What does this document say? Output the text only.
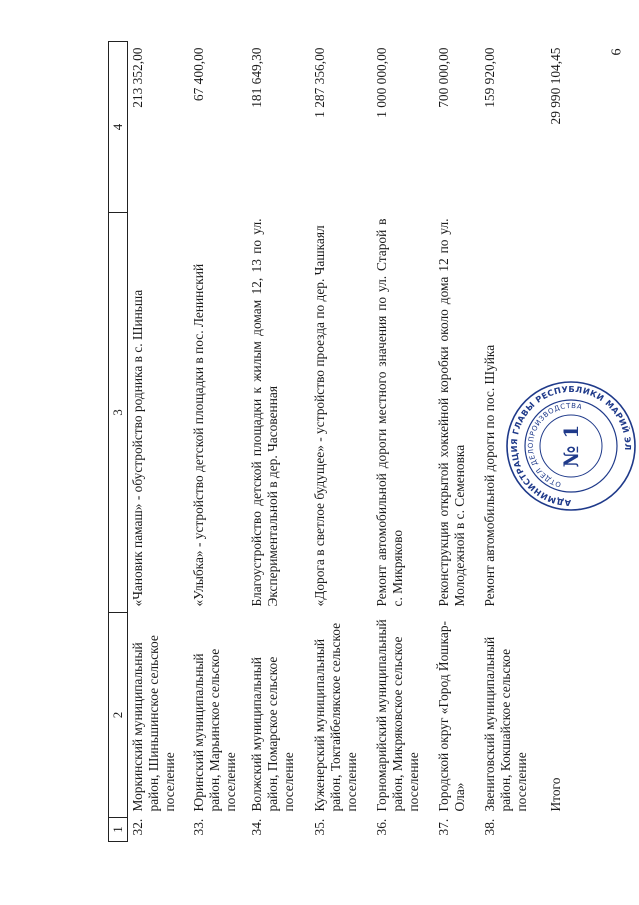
6
1	2	3	4
32.	Моркинский муниципальный район, Шиньшинское сельское поселение	«Чановик памаш» - обустройство родника в с. Шиньша	213 352,00
33.	Юринский муниципальный район, Марьинское сельское поселение	«Улыбка» - устройство детской площадки в пос. Ленинский	67 400,00
34.	Волжский муниципальный район, Помарское сельское поселение	Благоустройство детской площадки к жилым домам 12, 13 по ул. Экспериментальной в дер. Часовенная	181 649,30
35.	Куженерский муниципальный район, Токтайбелякское сельское поселение	«Дорога в светлое будущее» - устройство проезда по дер. Чашкаял	1 287 356,00
36.	Горномарийский муниципальный район, Микряковское сельское поселение	Ремонт автомобильной дороги местного значения по ул. Старой в с. Микряково	1 000 000,00
37.	Городской округ «Город Йошкар-Ола»	Реконструкция открытой хоккейной коробки около дома 12 по ул. Молодежной в с. Семеновка	700 000,00
38.	Звениговский муниципальный район, Кокшайское сельское поселение	Ремонт автомобильной дороги по пос. Шуйка	159 920,00
	Итого		29 990 104,45
АДМИНИСТРАЦИЯ ГЛАВЫ РЕСПУБЛИКИ МАРИЙ ЭЛ
ОТДЕЛ ДЕЛОПРОИЗВОДСТВА
№ 1
